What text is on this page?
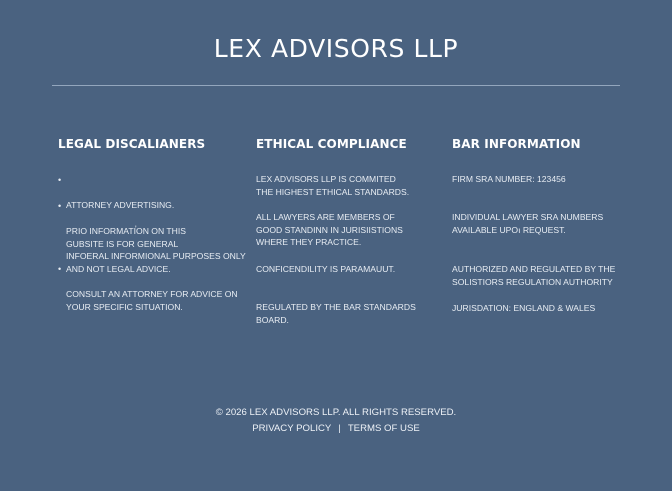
LEX ADVISORS LLP
LEGAL DISCALIANERS

•

ATTORNEY ADVERTISING.

•

PRIO INFORMATI̕ON ON THIS
GUBSITE IS FOR GENERAL
INFOERAL INFORMIONAL PURPOSES ONLY
AND NOT LEGAL ADVICE.

•

CONSULT AN ATTORNEY FOR ADVICE ON
YOUR SPECIFIC SITUATION.

ETHICAL COMPLIANCE
LEX ADVISORS LLP IS COMMITED
THE HIGHEST ETHICAL STANDARDS.
ALL LAWYERS ARE MEMBERS OF
GOOD STANDINN IN JURISIISTIONS
WHERE THEY PRACTICE.
CONFICENDILITY IS PARAMAUUT.
REGULATED BY THE BAR STANDARDS BOARD.
BAR INFORMATION
FIRM SRA NUMBER: 123456
INDIVIDUAL LAWYER SRA NUMBERS
AVAILABLE UPOı REQUEST.
AUTHORIZED AND REGULATED BY THE
SOLISTIORS REGULATION AUTHORITY
JURISDATION: ENGLAND & WALES
© 2026 LEX ADVISORS LLP. ALL RIGHTS RESERVED.
PRIVACY POLICY | TERMS OF USE
